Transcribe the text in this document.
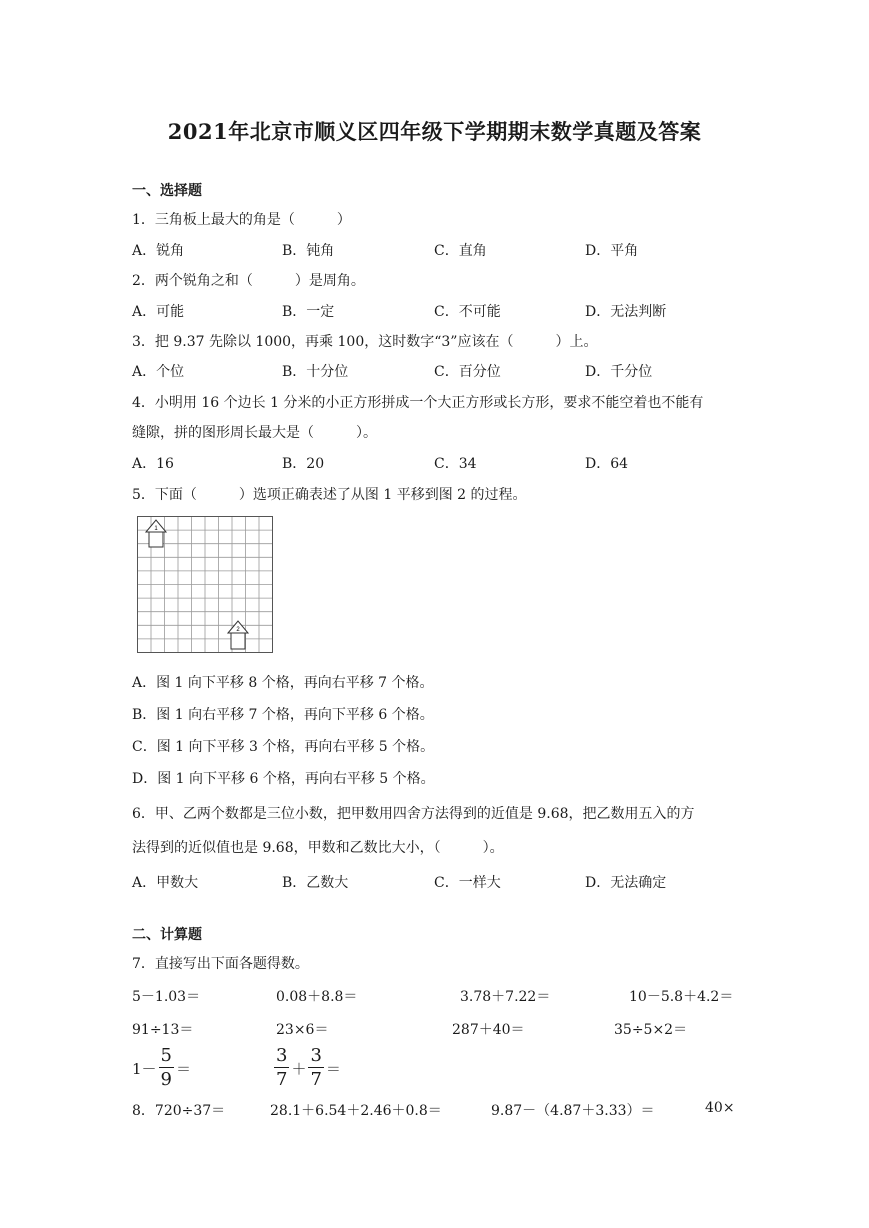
2021年北京市顺义区四年级下学期期末数学真题及答案
一、选择题
1．三角板上最大的角是（　　　）
A．锐角	B．钝角	C．直角	D．平角
2．两个锐角之和（　　　）是周角。
A．可能	B．一定	C．不可能	D．无法判断
3．把 9.37 先除以 1000，再乘 100，这时数字“3”应该在（　　　）上。
A．个位	B．十分位	C．百分位	D．千分位
4．小明用 16 个边长 1 分米的小正方形拼成一个大正方形或长方形，要求不能空着也不能有
缝隙，拼的图形周长最大是（　　　）。
A．16	B．20	C．34	D．64
5．下面（　　　）选项正确表述了从图 1 平移到图 2 的过程。
1
2
A．图 1 向下平移 8 个格，再向右平移 7 个格。
B．图 1 向右平移 7 个格，再向下平移 6 个格。
C．图 1 向下平移 3 个格，再向右平移 5 个格。
D．图 1 向下平移 6 个格，再向右平移 5 个格。
6．甲、乙两个数都是三位小数，把甲数用四舍方法得到的近值是 9.68，把乙数用五入的方
法得到的近似值也是 9.68，甲数和乙数比大小，（　　　）。
A．甲数大	B．乙数大	C．一样大	D．无法确定
二、计算题
7．直接写出下面各题得数。
5－1.03＝	0.08＋8.8＝	3.78＋7.22＝	10－5.8＋4.2＝
91÷13＝	23×6＝	287＋40＝	35÷5×2＝
$1- \frac{5}{9}$ ＝	$\frac{3}{7} + \frac{3}{7}$ ＝
8．720÷37＝	28.1＋6.54＋2.46＋0.8＝	9.87－（4.87＋3.33）＝	40×
